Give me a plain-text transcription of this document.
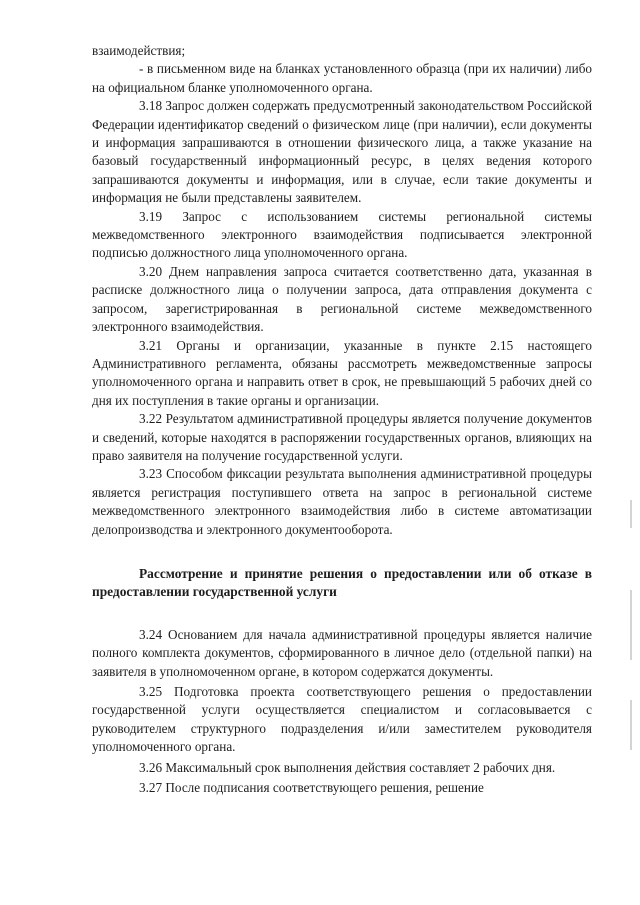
взаимодействия;

- в письменном виде на бланках установленного образца (при их наличии) либо на официальном бланке уполномоченного органа.

3.18 Запрос должен содержать предусмотренный законодательством Российской Федерации идентификатор сведений о физическом лице (при наличии), если документы и информация запрашиваются в отношении физического лица, а также указание на базовый государственный информационный ресурс, в целях ведения которого запрашиваются документы и информация, или в случае, если такие документы и информация не были представлены заявителем.

3.19 Запрос с использованием системы региональной системы межведомственного электронного взаимодействия подписывается электронной подписью должностного лица уполномоченного органа.

3.20 Днем направления запроса считается соответственно дата, указанная в расписке должностного лица о получении запроса, дата отправления документа с запросом, зарегистрированная в региональной системе межведомственного электронного взаимодействия.

3.21 Органы и организации, указанные в пункте 2.15 настоящего Административного регламента, обязаны рассмотреть межведомственные запросы уполномоченного органа и направить ответ в срок, не превышающий 5 рабочих дней со дня их поступления в такие органы и организации.

3.22 Результатом административной процедуры является получение документов и сведений, которые находятся в распоряжении государственных органов, влияющих на право заявителя на получение государственной услуги.

3.23 Способом фиксации результата выполнения административной процедуры является регистрация поступившего ответа на запрос в региональной системе межведомственного электронного взаимодействия либо в системе автоматизации делопроизводства и электронного документооборота.

Рассмотрение и принятие решения о предоставлении или об отказе в предоставлении государственной услуги

3.24 Основанием для начала административной процедуры является наличие полного комплекта документов, сформированного в личное дело (отдельной папки) на заявителя в уполномоченном органе, в котором содержатся документы.

3.25 Подготовка проекта соответствующего решения о предоставлении государственной услуги осуществляется специалистом и согласовывается с руководителем структурного подразделения и/или заместителем руководителя уполномоченного органа.

3.26 Максимальный срок выполнения действия составляет 2 рабочих дня.

3.27 После подписания соответствующего решения, решение
